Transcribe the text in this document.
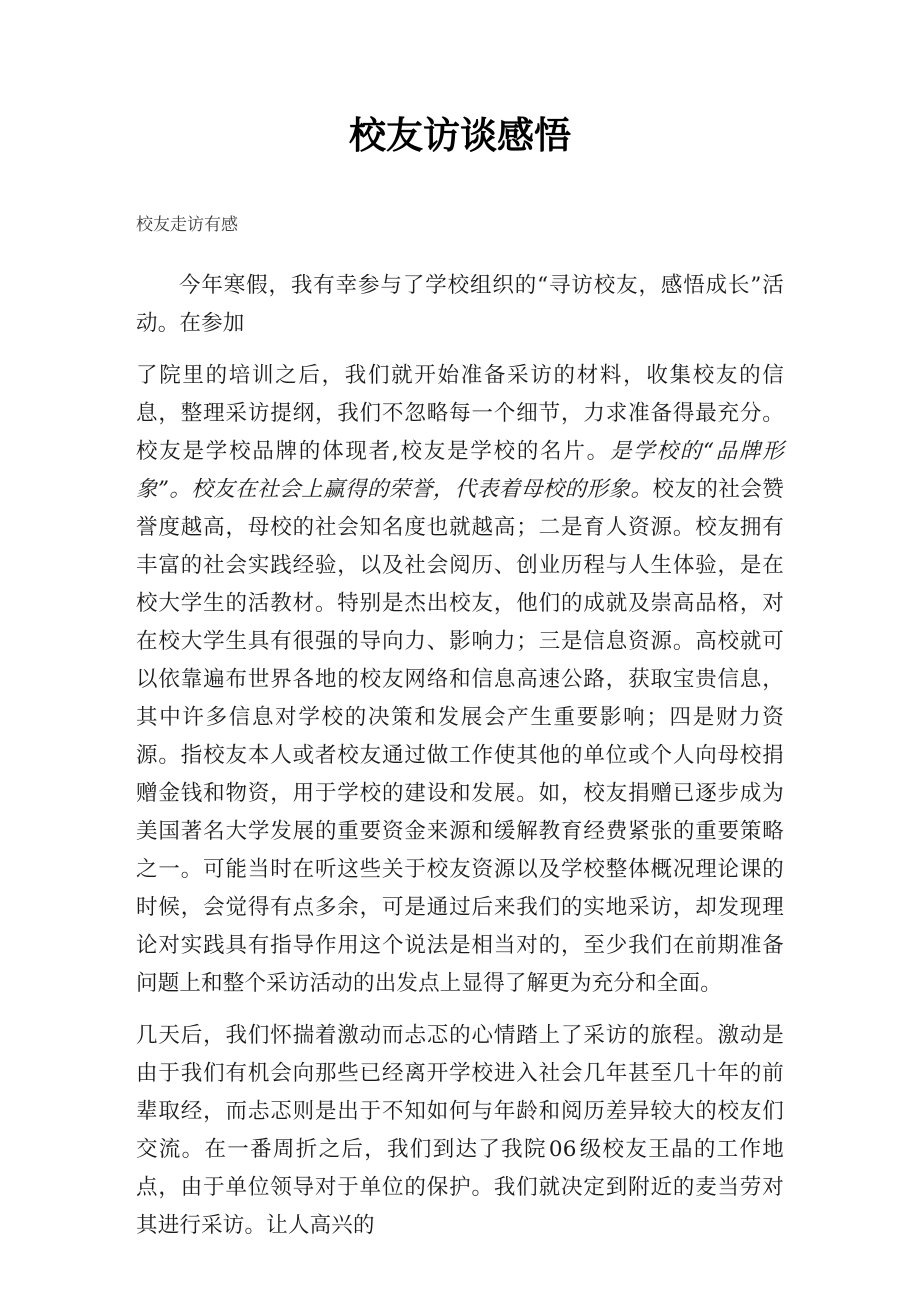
校友访谈感悟

校友走访有感

今年寒假，我有幸参与了学校组织的“寻访校友，感悟成长”活动。在参加

了院里的培训之后，我们就开始准备采访的材料，收集校友的信息，整理采访提纲，我们不忽略每一个细节，力求准备得最充分。校友是学校品牌的体现者,校友是学校的名片。是学校的“品牌形象”。校友在社会上赢得的荣誉，代表着母校的形象。校友的社会赞誉度越高，母校的社会知名度也就越高；二是育人资源。校友拥有丰富的社会实践经验，以及社会阅历、创业历程与人生体验，是在校大学生的活教材。特别是杰出校友，他们的成就及崇高品格，对在校大学生具有很强的导向力、影响力；三是信息资源。高校就可以依靠遍布世界各地的校友网络和信息高速公路，获取宝贵信息，其中许多信息对学校的决策和发展会产生重要影响；四是财力资源。指校友本人或者校友通过做工作使其他的单位或个人向母校捐赠金钱和物资，用于学校的建设和发展。如，校友捐赠已逐步成为美国著名大学发展的重要资金来源和缓解教育经费紧张的重要策略之一。可能当时在听这些关于校友资源以及学校整体概况理论课的时候，会觉得有点多余，可是通过后来我们的实地采访，却发现理论对实践具有指导作用这个说法是相当对的，至少我们在前期准备问题上和整个采访活动的出发点上显得了解更为充分和全面。

几天后，我们怀揣着激动而忐忑的心情踏上了采访的旅程。激动是由于我们有机会向那些已经离开学校进入社会几年甚至几十年的前辈取经，而忐忑则是出于不知如何与年龄和阅历差异较大的校友们交流。在一番周折之后，我们到达了我院06级校友王晶的工作地点，由于单位领导对于单位的保护。我们就决定到附近的麦当劳对其进行采访。让人高兴的
